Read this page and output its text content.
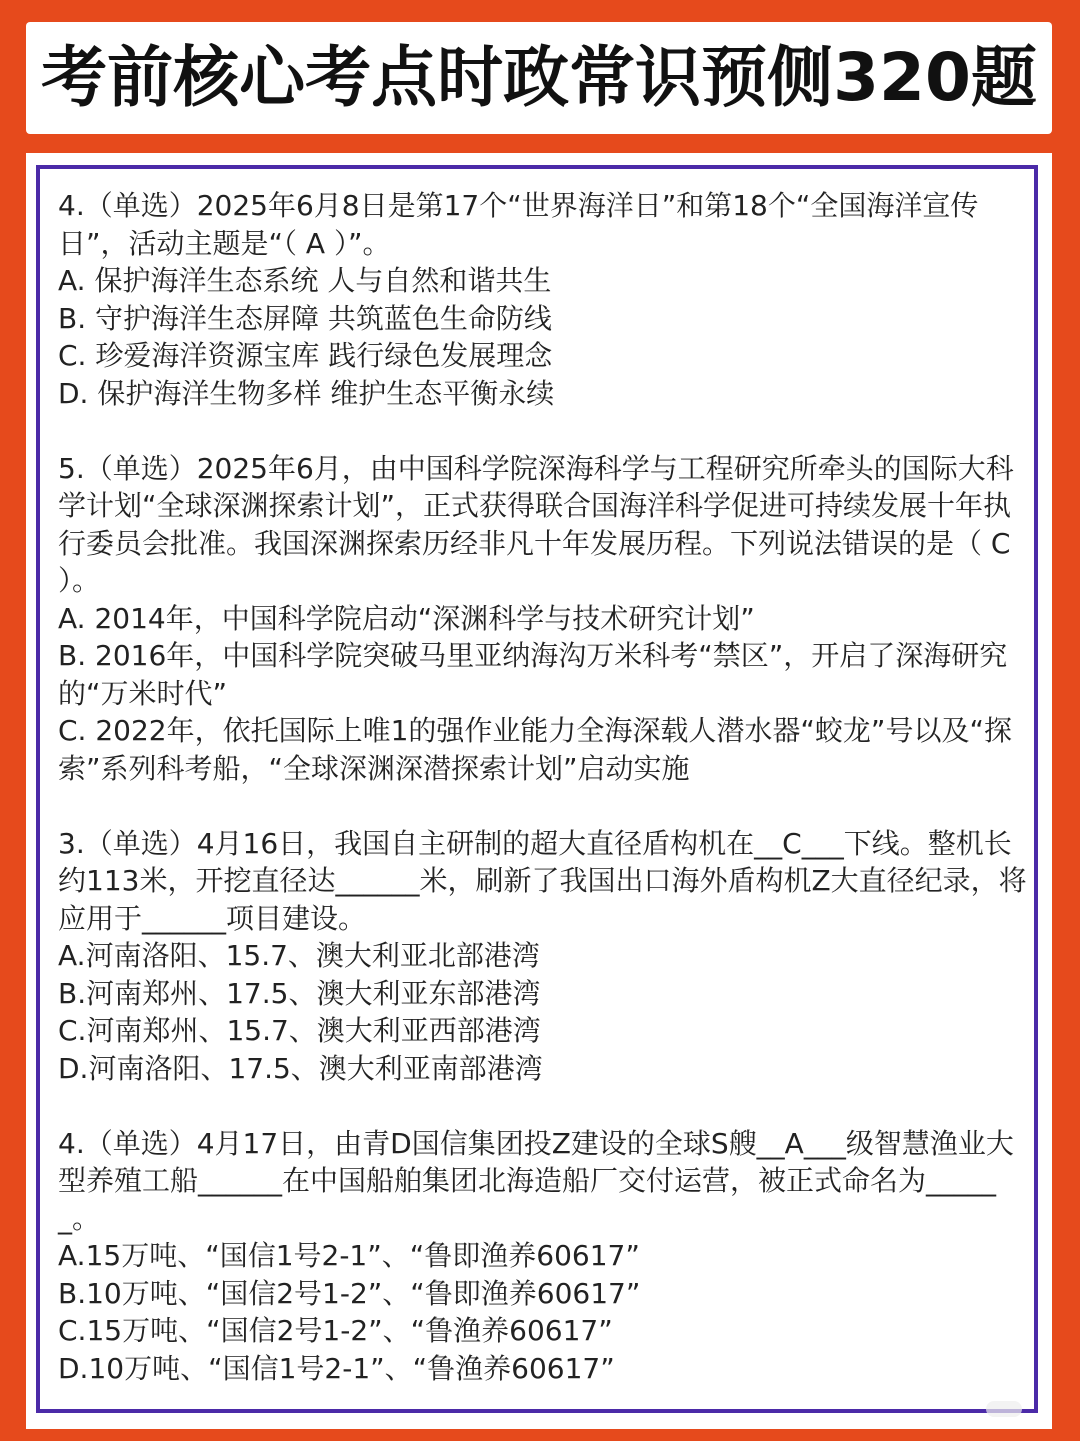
考前核心考点时政常识预侧320题

4.（单选）2025年6月8日是第17个“世界海洋日”和第18个“全国海洋宣传日”，活动主题是“（ A ）”。

A. 保护海洋生态系统 人与自然和谐共生

B. 守护海洋生态屏障 共筑蓝色生命防线

C. 珍爱海洋资源宝库 践行绿色发展理念

D. 保护海洋生物多样 维护生态平衡永续

5.（单选）2025年6月，由中国科学院深海科学与工程研究所牵头的国际大科学计划“全球深渊探索计划”，正式获得联合国海洋科学促进可持续发展十年执行委员会批准。我国深渊探索历经非凡十年发展历程。下列说法错误的是（ C ）。

A. 2014年，中国科学院启动“深渊科学与技术研究计划”

B. 2016年，中国科学院突破马里亚纳海沟万米科考“禁区”，开启了深海研究的“万米时代”

C. 2022年，依托国际上唯1的强作业能力全海深载人潜水器“蛟龙”号以及“探索”系列科考船，“全球深渊深潜探索计划”启动实施

3.（单选）4月16日，我国自主研制的超大直径盾构机在__C___下线。整机长约113米，开挖直径达______米，刷新了我国出口海外盾构机Z大直径纪录，将应用于______项目建设。

A.河南洛阳、15.7、澳大利亚北部港湾

B.河南郑州、17.5、澳大利亚东部港湾

C.河南郑州、15.7、澳大利亚西部港湾

D.河南洛阳、17.5、澳大利亚南部港湾

4.（单选）4月17日，由青D国信集团投Z建设的全球S艘__A___级智慧渔业大型养殖工船______在中国船舶集团北海造船厂交付运营，被正式命名为______。

A.15万吨、“国信1号2-1”、“鲁即渔养60617”

B.10万吨、“国信2号1-2”、“鲁即渔养60617”

C.15万吨、“国信2号1-2”、“鲁渔养60617”

D.10万吨、“国信1号2-1”、“鲁渔养60617”
